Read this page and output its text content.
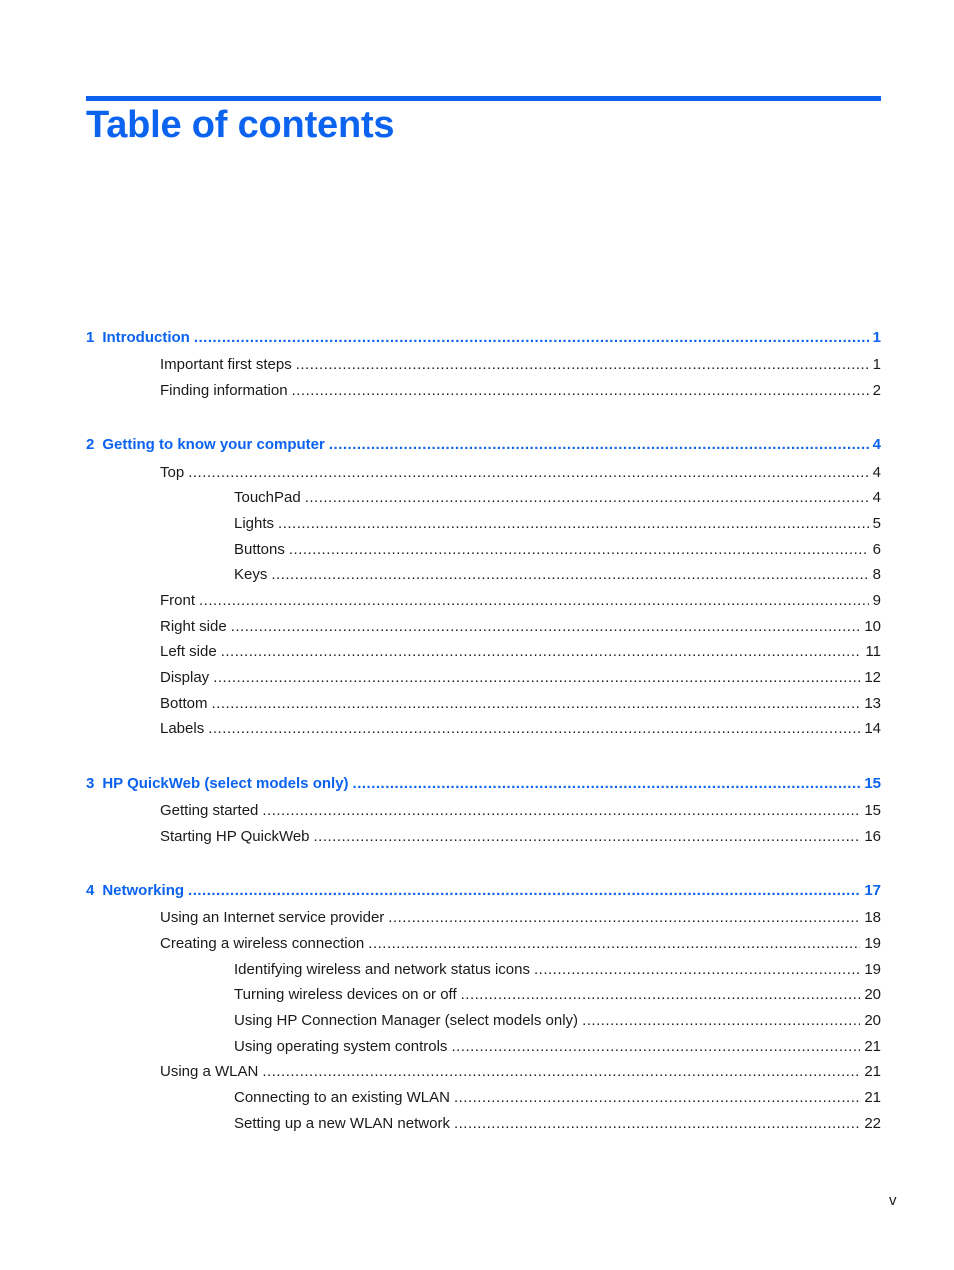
Table of contents
1 Introduction .....	1
Important first steps .....	1
Finding information .....	2
2 Getting to know your computer .....	4
Top .....	4
TouchPad .....	4
Lights .....	5
Buttons .....	6
Keys .....	8
Front .....	9
Right side .....	10
Left side .....	11
Display .....	12
Bottom .....	13
Labels .....	14
3 HP QuickWeb (select models only) .....	15
Getting started .....	15
Starting HP QuickWeb .....	16
4 Networking .....	17
Using an Internet service provider .....	18
Creating a wireless connection .....	19
Identifying wireless and network status icons .....	19
Turning wireless devices on or off .....	20
Using HP Connection Manager (select models only) .....	20
Using operating system controls .....	21
Using a WLAN .....	21
Connecting to an existing WLAN .....	21
Setting up a new WLAN network .....	22
v
